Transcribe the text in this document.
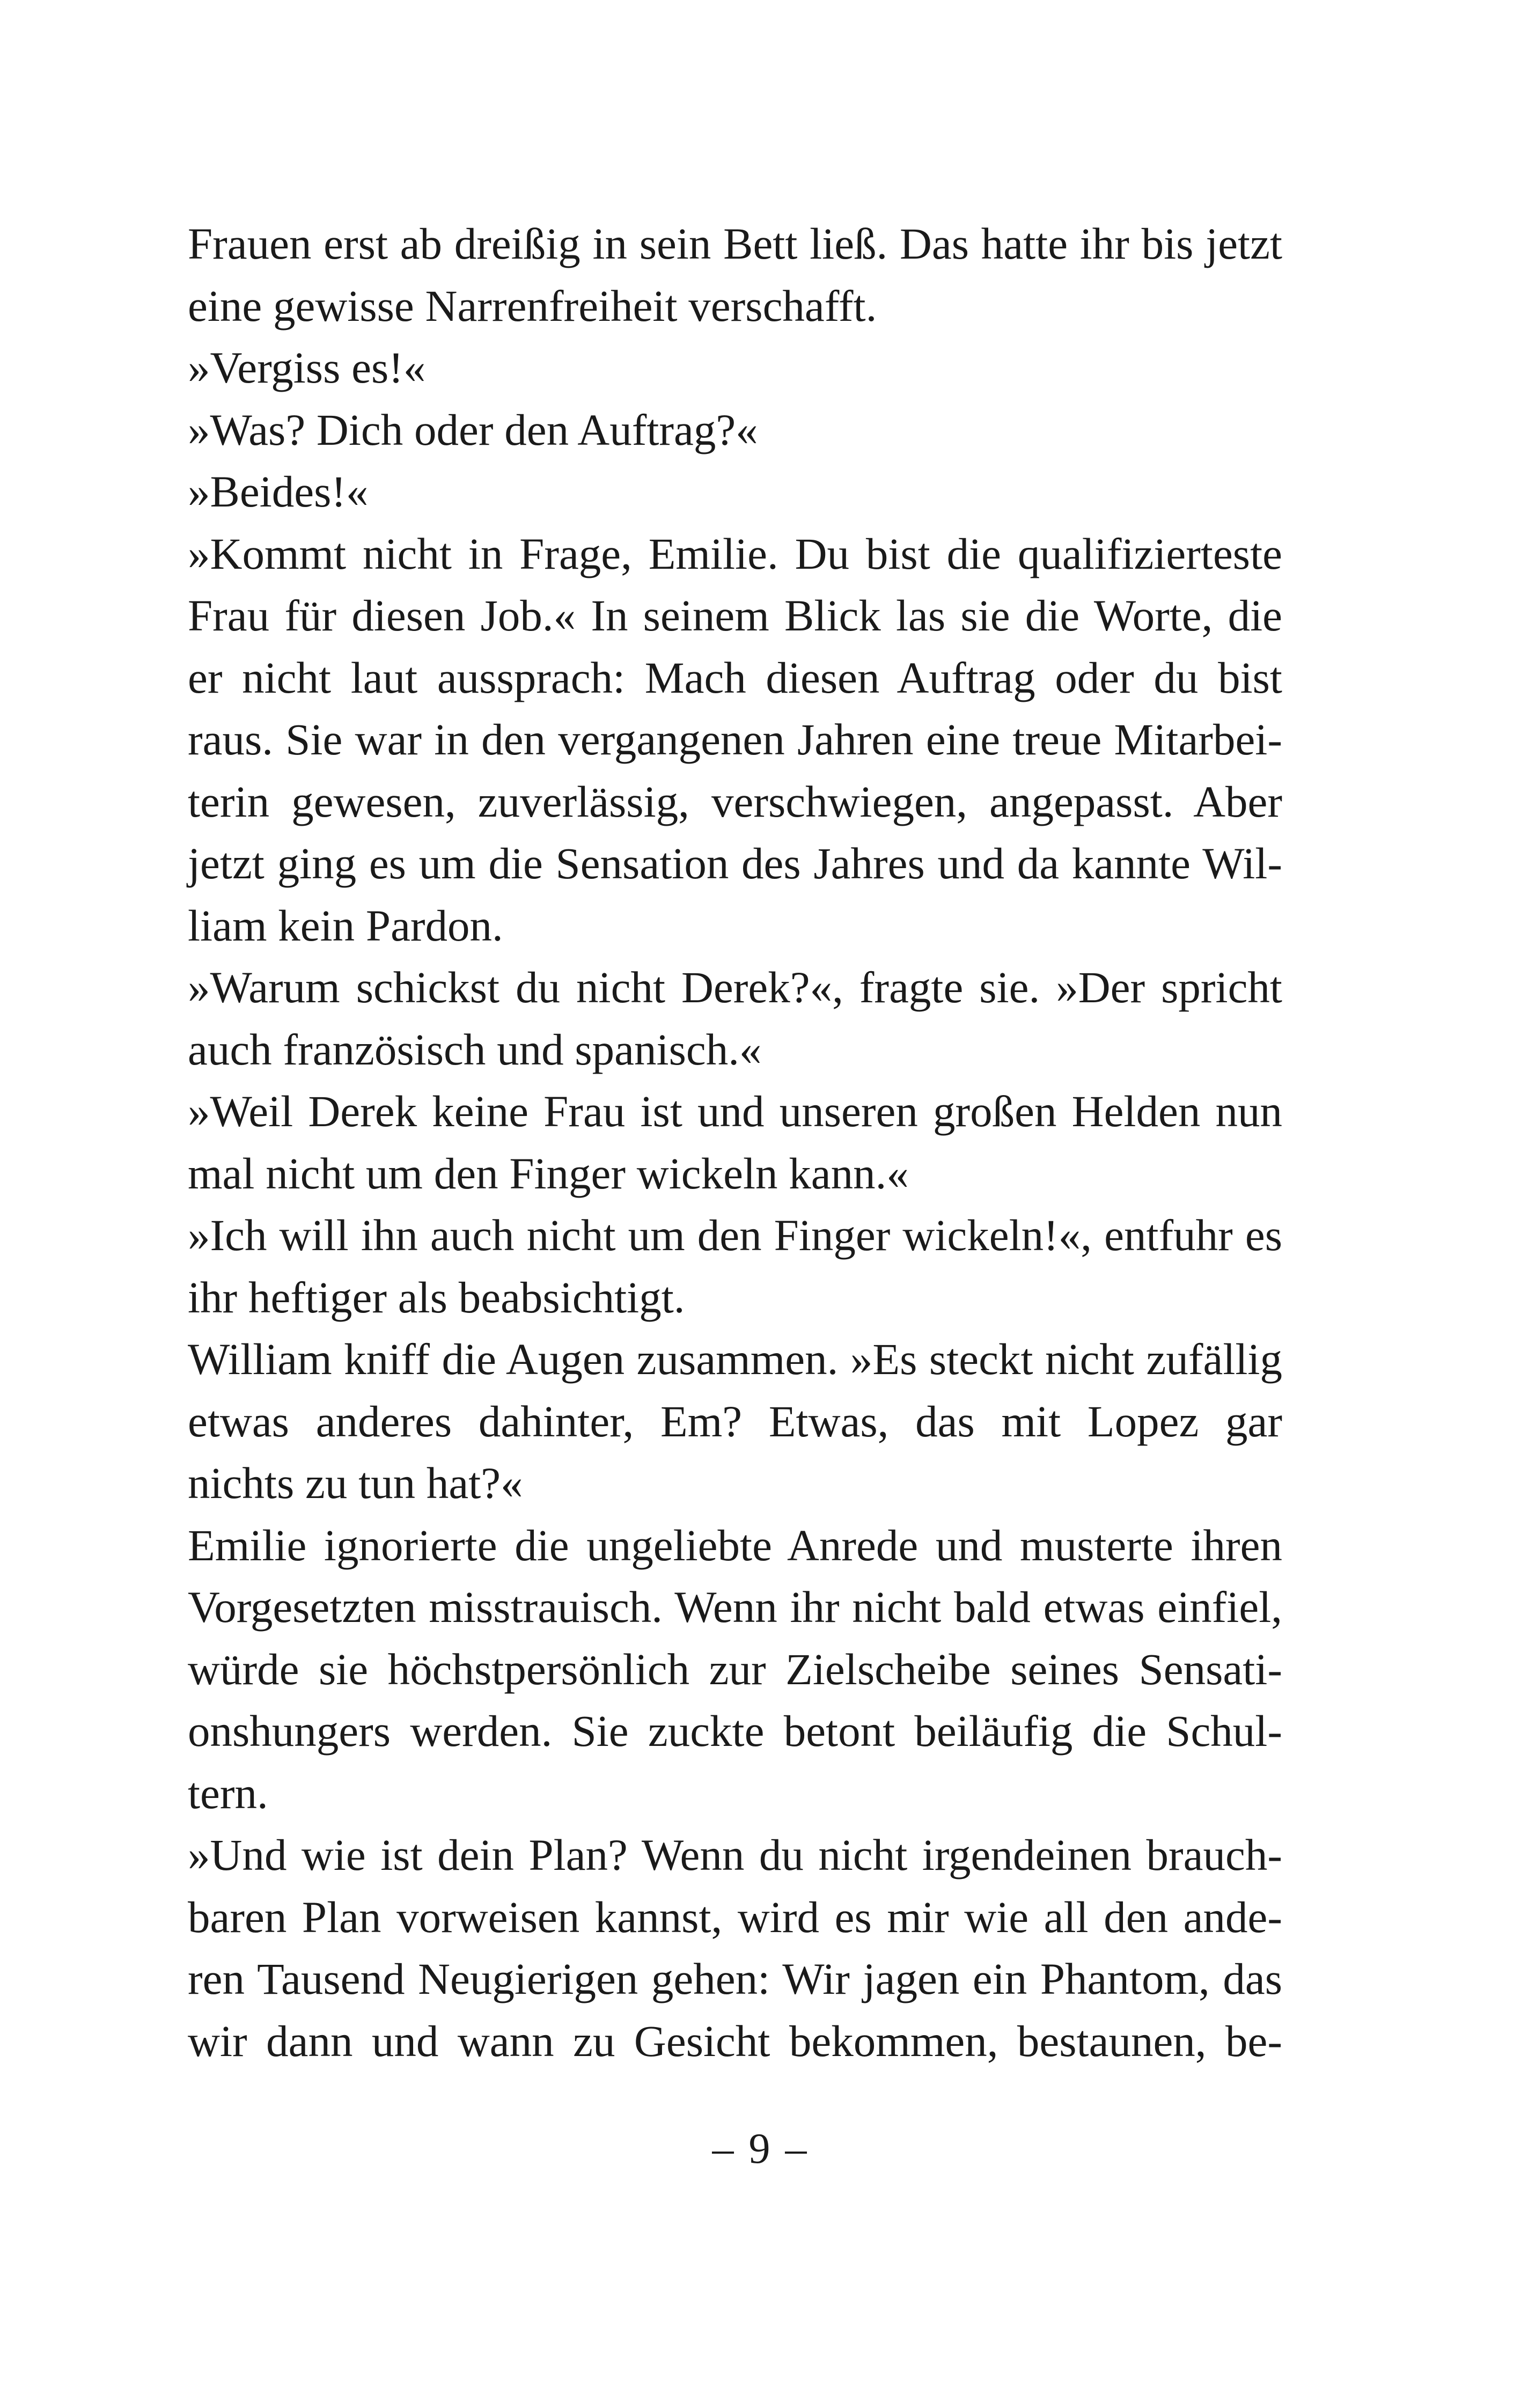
Frauen erst ab dreißig in sein Bett ließ. Das hatte ihr bis jetzt
eine gewisse Narrenfreiheit verschafft.
»Vergiss es!«
»Was? Dich oder den Auftrag?«
»Beides!«
»Kommt nicht in Frage, Emilie. Du bist die qualifizierteste
Frau für diesen Job.« In seinem Blick las sie die Worte, die
er nicht laut aussprach: Mach diesen Auftrag oder du bist
raus. Sie war in den vergangenen Jahren eine treue Mitarbei-
terin gewesen, zuverlässig, verschwiegen, angepasst. Aber
jetzt ging es um die Sensation des Jahres und da kannte Wil-
liam kein Pardon.
»Warum schickst du nicht Derek?«, fragte sie. »Der spricht
auch französisch und spanisch.«
»Weil Derek keine Frau ist und unseren großen Helden nun
mal nicht um den Finger wickeln kann.«
»Ich will ihn auch nicht um den Finger wickeln!«, entfuhr es
ihr heftiger als beabsichtigt.
William kniff die Augen zusammen. »Es steckt nicht zufällig
etwas anderes dahinter, Em? Etwas, das mit Lopez gar
nichts zu tun hat?«
Emilie ignorierte die ungeliebte Anrede und musterte ihren
Vorgesetzten misstrauisch. Wenn ihr nicht bald etwas einfiel,
würde sie höchstpersönlich zur Zielscheibe seines Sensati-
onshungers werden. Sie zuckte betont beiläufig die Schul-
tern.
»Und wie ist dein Plan? Wenn du nicht irgendeinen brauch-
baren Plan vorweisen kannst, wird es mir wie all den ande-
ren Tausend Neugierigen gehen: Wir jagen ein Phantom, das
wir dann und wann zu Gesicht bekommen, bestaunen, be-
– 9 –
